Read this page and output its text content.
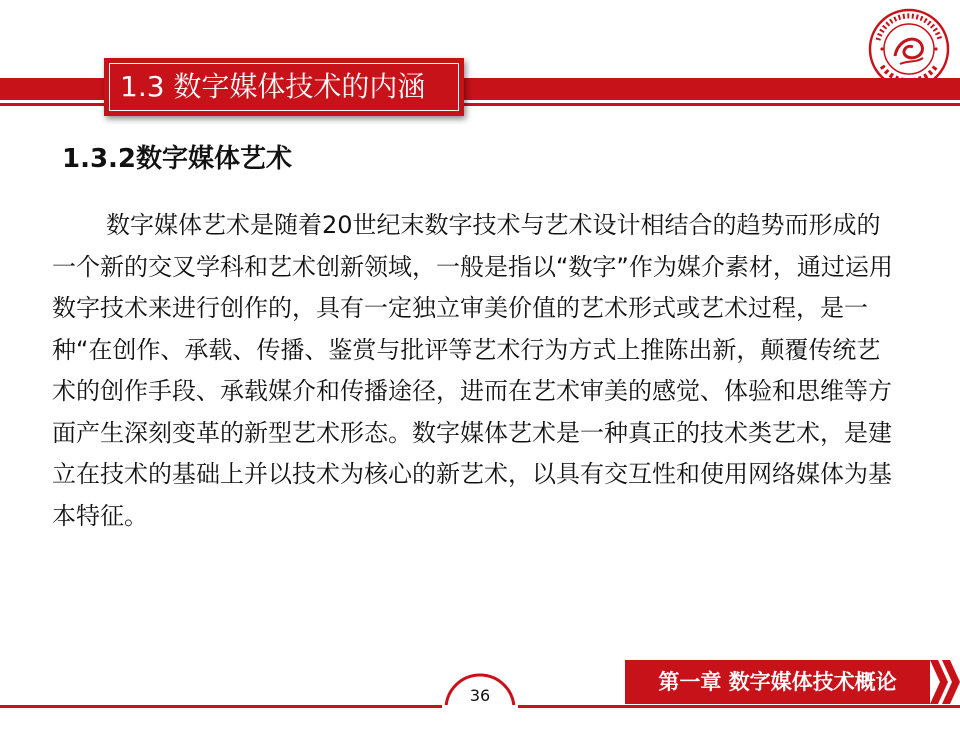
1.3 数字媒体技术的内涵
1.3.2数字媒体艺术

数字媒体艺术是随着20世纪末数字技术与艺术设计相结合的趋势而形成的一个新的交叉学科和艺术创新领域，一般是指以“数字”作为媒介素材，通过运用数字技术来进行创作的，具有一定独立审美价值的艺术形式或艺术过程，是一种“在创作、承载、传播、鉴赏与批评等艺术行为方式上推陈出新，颠覆传统艺术的创作手段、承载媒介和传播途径，进而在艺术审美的感觉、体验和思维等方面产生深刻变革的新型艺术形态。数字媒体艺术是一种真正的技术类艺术，是建立在技术的基础上并以技术为核心的新艺术，以具有交互性和使用网络媒体为基本特征。

36
第一章 数字媒体技术概论
